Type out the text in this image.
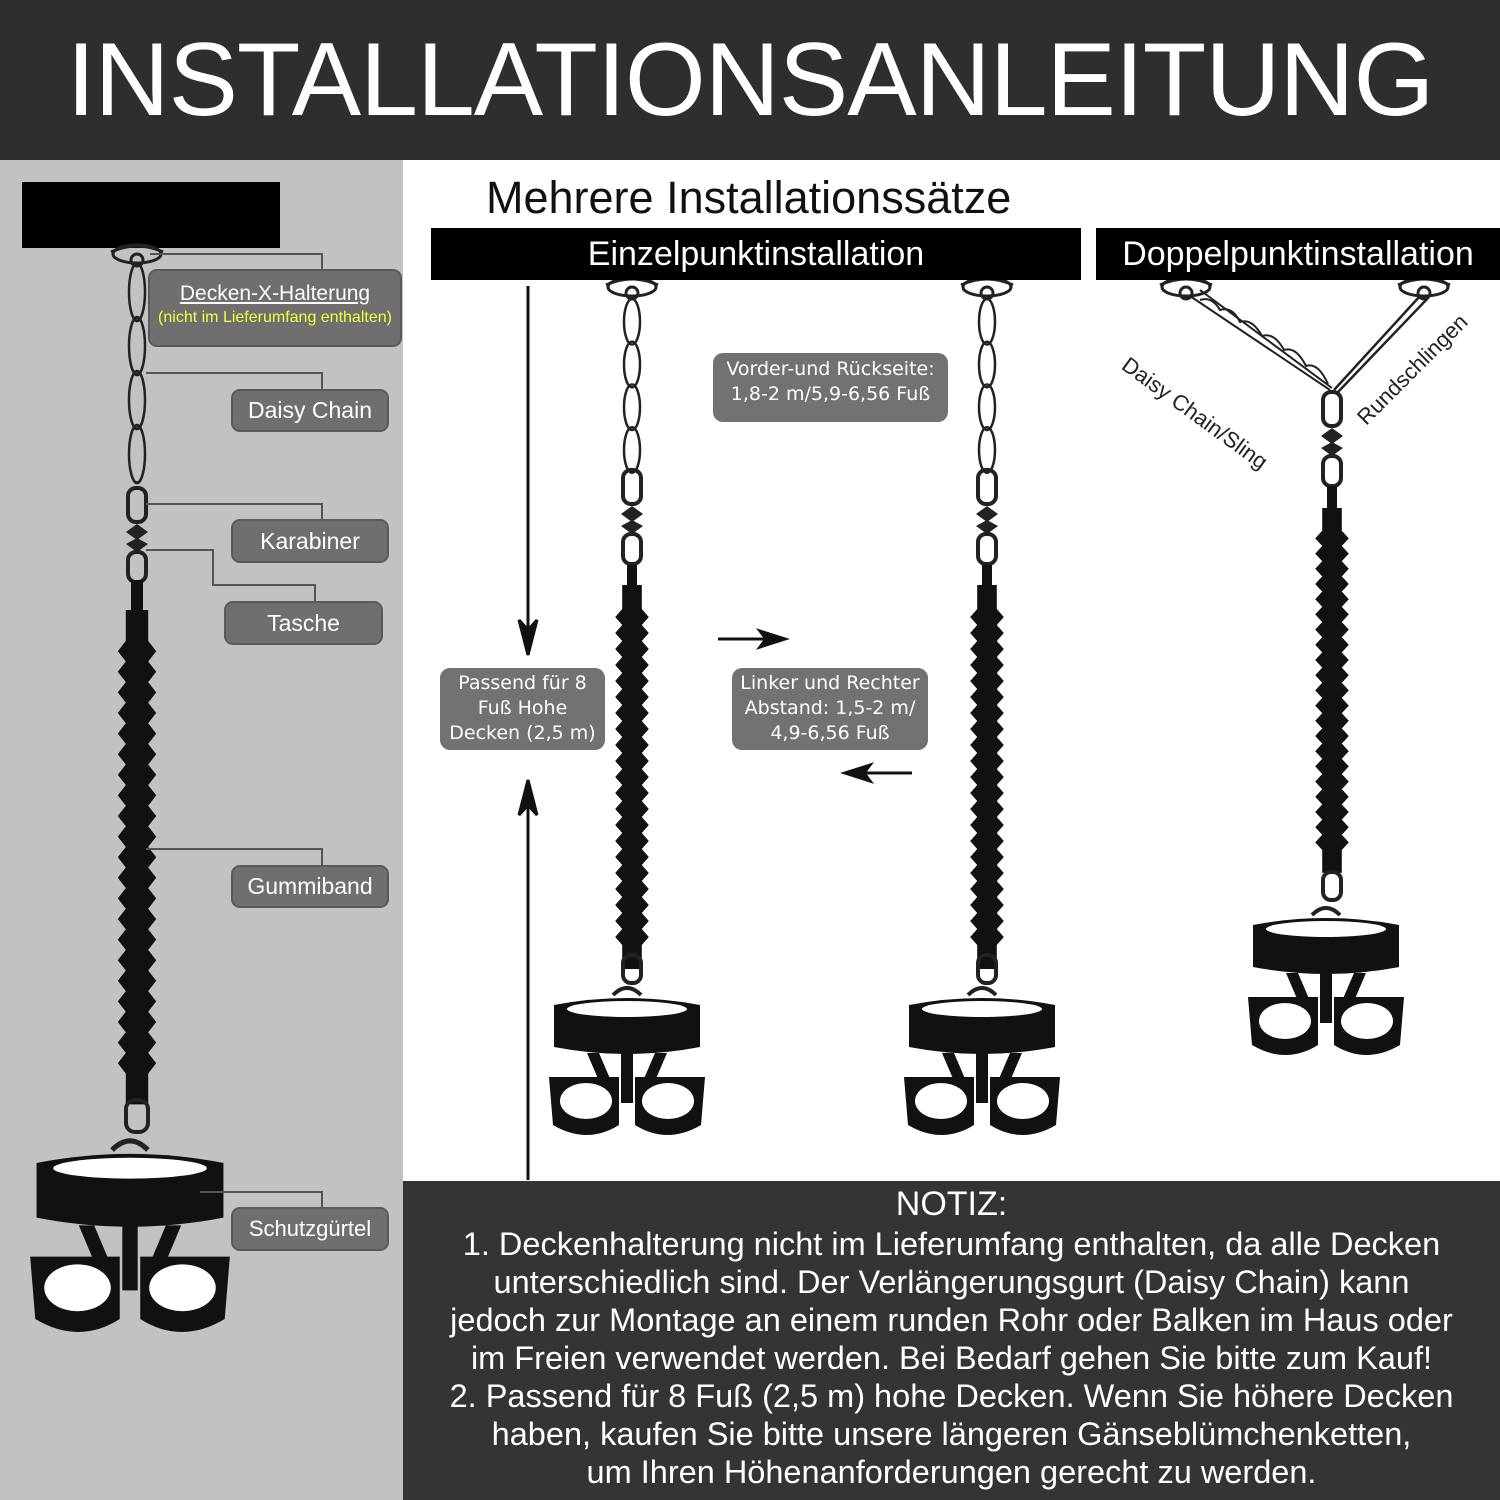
INSTALLATIONSANLEITUNG
Decken-X-Halterung
(nicht im Lieferumfang enthalten)
Daisy Chain
Karabiner
Tasche
Gummiband
Schutzgürtel
Mehrere Installationssätze
Einzelpunktinstallation	Doppelpunktinstallation
Vorder-und Rückseite:
1,8-2 m/5,9-6,56 Fuß
Passend für 8
Fuß Hohe
Decken (2,5 m)
Linker und Rechter
Abstand: 1,5-2 m/
4,9-6,56 Fuß
Daisy Chain/Sling	Rundschlingen
NOTIZ:
1. Deckenhalterung nicht im Lieferumfang enthalten, da alle Decken
unterschiedlich sind. Der Verlängerungsgurt (Daisy Chain) kann
jedoch zur Montage an einem runden Rohr oder Balken im Haus oder
im Freien verwendet werden. Bei Bedarf gehen Sie bitte zum Kauf!
2. Passend für 8 Fuß (2,5 m) hohe Decken. Wenn Sie höhere Decken
haben, kaufen Sie bitte unsere längeren Gänseblümchenketten,
um Ihren Höhenanforderungen gerecht zu werden.
